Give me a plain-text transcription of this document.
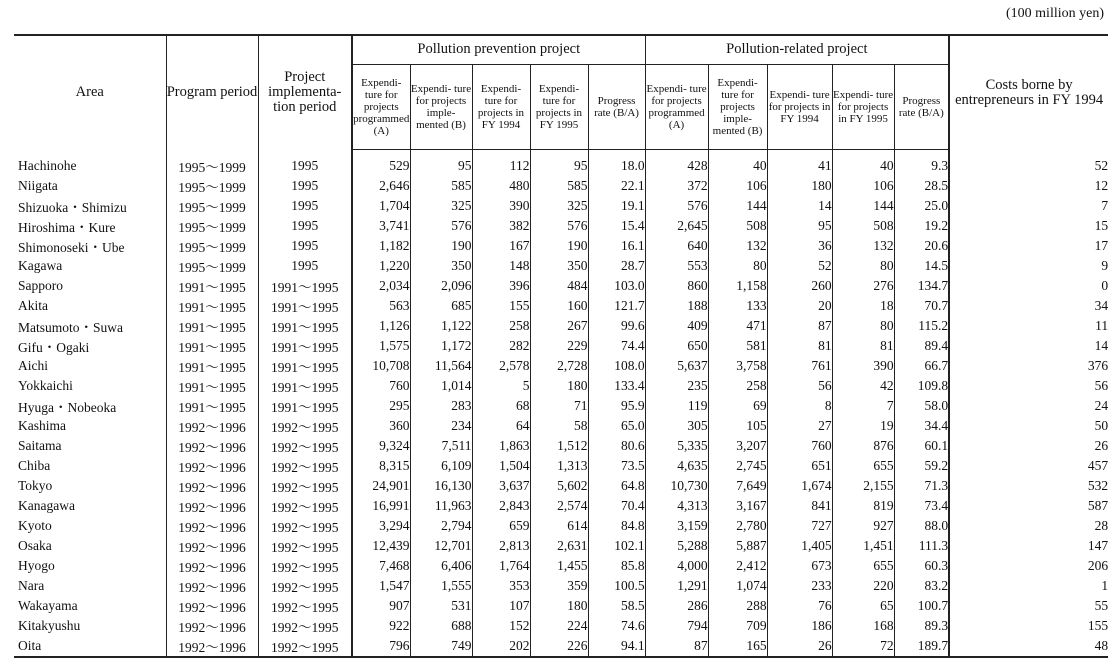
(100 million yen)
Area	Program period	Project implementa- tion period	Pollution prevention project					Pollution-related project					Costs borne by entrepreneurs in FY 1994
			Expendi- ture for projects programmed (A)	Expendi- ture for projects imple- mented (B)	Expendi- ture for projects in FY 1994	Expendi- ture for projects in FY 1995	Progress rate (B/A)	Expendi- ture for projects programmed (A)	Expendi- ture for projects imple- mented (B)	Expendi- ture for projects in FY 1994	Expendi- ture for projects in FY 1995	Progress rate (B/A)	
Hachinohe	1995～1999	1995	529	95	112	95	18.0	428	40	41	40	9.3	52
Niigata	1995～1999	1995	2,646	585	480	585	22.1	372	106	180	106	28.5	12
Shizuoka・Shimizu	1995～1999	1995	1,704	325	390	325	19.1	576	144	14	144	25.0	7
Hiroshima・Kure	1995～1999	1995	3,741	576	382	576	15.4	2,645	508	95	508	19.2	15
Shimonoseki・Ube	1995～1999	1995	1,182	190	167	190	16.1	640	132	36	132	20.6	17
Kagawa	1995～1999	1995	1,220	350	148	350	28.7	553	80	52	80	14.5	9
Sapporo	1991～1995	1991～1995	2,034	2,096	396	484	103.0	860	1,158	260	276	134.7	0
Akita	1991～1995	1991～1995	563	685	155	160	121.7	188	133	20	18	70.7	34
Matsumoto・Suwa	1991～1995	1991～1995	1,126	1,122	258	267	99.6	409	471	87	80	115.2	11
Gifu・Ogaki	1991～1995	1991～1995	1,575	1,172	282	229	74.4	650	581	81	81	89.4	14
Aichi	1991～1995	1991～1995	10,708	11,564	2,578	2,728	108.0	5,637	3,758	761	390	66.7	376
Yokkaichi	1991～1995	1991～1995	760	1,014	5	180	133.4	235	258	56	42	109.8	56
Hyuga・Nobeoka	1991～1995	1991～1995	295	283	68	71	95.9	119	69	8	7	58.0	24
Kashima	1992～1996	1992～1995	360	234	64	58	65.0	305	105	27	19	34.4	50
Saitama	1992～1996	1992～1995	9,324	7,511	1,863	1,512	80.6	5,335	3,207	760	876	60.1	26
Chiba	1992～1996	1992～1995	8,315	6,109	1,504	1,313	73.5	4,635	2,745	651	655	59.2	457
Tokyo	1992～1996	1992～1995	24,901	16,130	3,637	5,602	64.8	10,730	7,649	1,674	2,155	71.3	532
Kanagawa	1992～1996	1992～1995	16,991	11,963	2,843	2,574	70.4	4,313	3,167	841	819	73.4	587
Kyoto	1992～1996	1992～1995	3,294	2,794	659	614	84.8	3,159	2,780	727	927	88.0	28
Osaka	1992～1996	1992～1995	12,439	12,701	2,813	2,631	102.1	5,288	5,887	1,405	1,451	111.3	147
Hyogo	1992～1996	1992～1995	7,468	6,406	1,764	1,455	85.8	4,000	2,412	673	655	60.3	206
Nara	1992～1996	1992～1995	1,547	1,555	353	359	100.5	1,291	1,074	233	220	83.2	1
Wakayama	1992～1996	1992～1995	907	531	107	180	58.5	286	288	76	65	100.7	55
Kitakyushu	1992～1996	1992～1995	922	688	152	224	74.6	794	709	186	168	89.3	155
Oita	1992～1996	1992～1995	796	749	202	226	94.1	87	165	26	72	189.7	48
